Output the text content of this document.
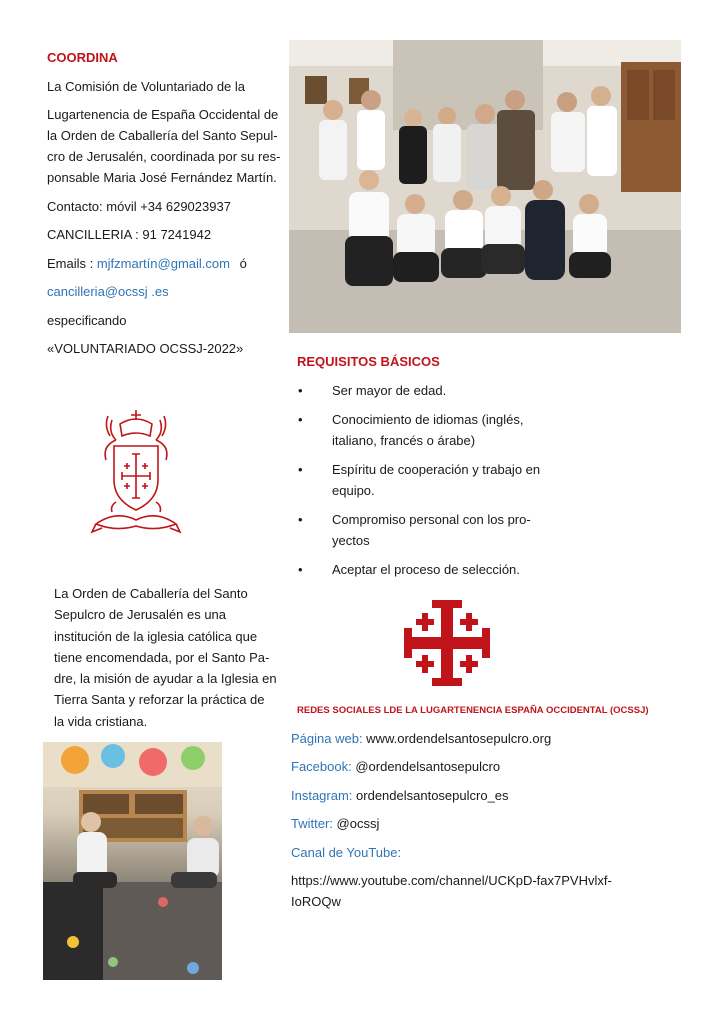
COORDINA
La Comisión de Voluntariado de la
Lugartenencia de España Occidental de
la Orden de Caballería del Santo Sepul-
cro de Jerusalén, coordinada por su res-
ponsable Maria José Fernández Martín.
Contacto: móvil +34 629023937
CANCILLERIA : 91 7241942
Emails : mjfzmartín@gmail.com ó
cancilleria@ocssj .es
especificando
«VOLUNTARIADO OCSSJ-2022»
La Orden de Caballería del Santo Sepulcro de Jerusalén es una institución de la iglesia católica que tiene encomendada, por el Santo Pa-dre, la misión de ayudar a la Iglesia en Tierra Santa y reforzar la práctica de la vida cristiana.
REQUISITOS BÁSICOS
• Ser mayor de edad.
• Conocimiento de idiomas (inglés, italiano, francés o árabe)
• Espíritu de cooperación y trabajo en equipo.
• Compromiso personal con los pro-yectos
• Aceptar el proceso de selección.
REDES SOCIALES LDE LA LUGARTENENCIA ESPAÑA OCCIDENTAL (OCSSJ)
Página web: www.ordendelsantosepulcro.org
Facebook: @ordendelsantosepulcro
Instagram: ordendelsantosepulcro_es
Twitter: @ocssj
Canal de YouTube:
https://www.youtube.com/channel/UCKpD-fax7PVHvlxf-
IoROQw
